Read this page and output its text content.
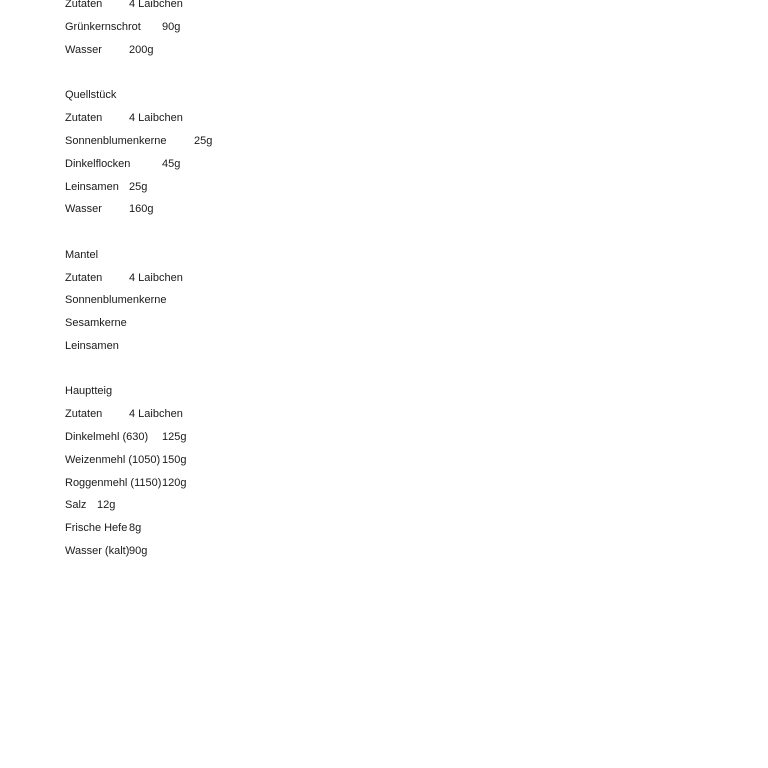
Zutaten

4 Laibchen

Grünkernschrot

90g

Wasser

200g

Quellstück

Zutaten

4 Laibchen

Sonnenblumenkerne

25g

Dinkelflocken

	45g

Leinsamen

25g

Wasser

160g

Mantel

Zutaten

4 Laibchen

Sonnenblumenkerne

Sesamkerne

Leinsamen

Hauptteig

Zutaten

4 Laibchen

Dinkelmehl (630)

125g

Weizenmehl (1050)

150g

Roggenmehl (1150)

120g

Salz

12g

Frische Hefe

8g

Wasser (kalt)

90g
